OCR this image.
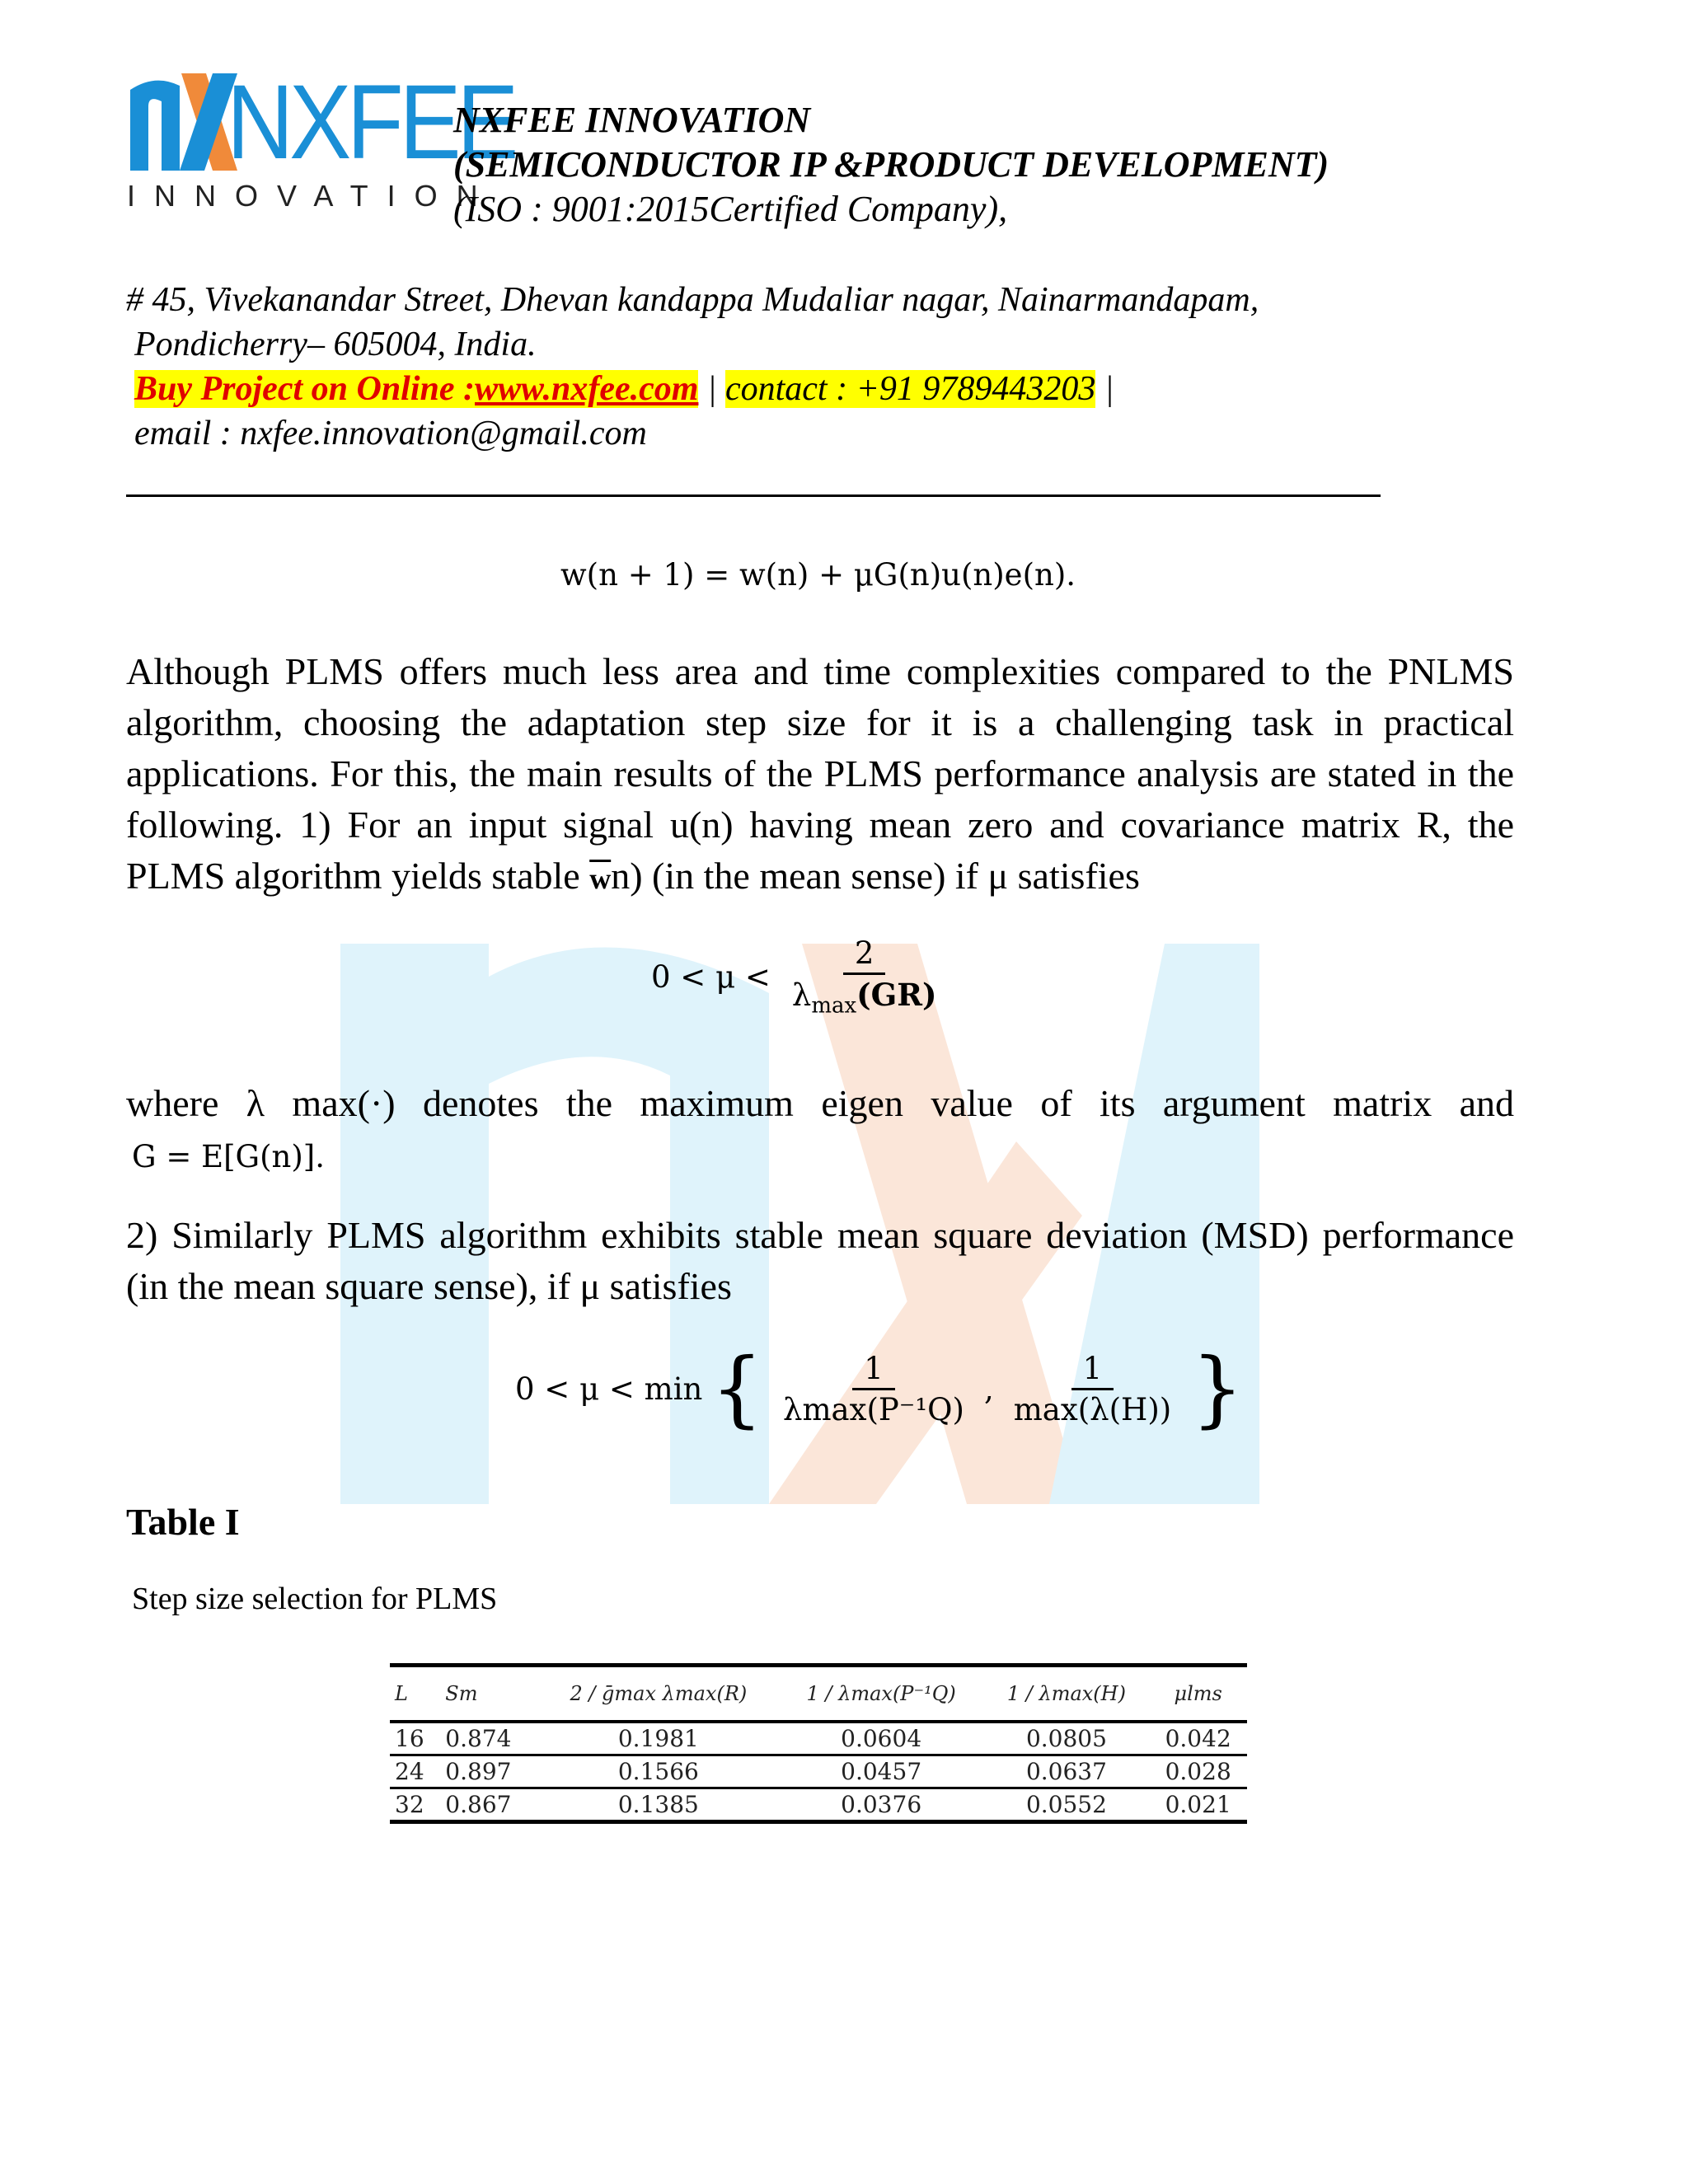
NXFEE
INNOVATION
NXFEE INNOVATION
(SEMICONDUCTOR IP &PRODUCT DEVELOPMENT)
(ISO : 9001:2015Certified Company),
# 45, Vivekanandar Street, Dhevan kandappa Mudaliar nagar, Nainarmandapam,
Pondicherry– 605004, India.
Buy Project on Online :www.nxfee.com | contact : +91 9789443203 |
email : nxfee.innovation@gmail.com
w(n + 1) = w(n) + μG(n)u(n)e(n).
Although PLMS offers much less area and time complexities compared to the PNLMS
algorithm, choosing the adaptation step size for it is a challenging task in practical
applications. For this, the main results of the PLMS performance analysis are stated in the
following. 1) For an input signal u(n) having mean zero and covariance matrix R, the
PLMS algorithm yields stable $\overline{w}n$) (in the mean sense) if μ satisfies
$0 < \mu < \frac{2}{\lambda_{max}(GR)}$
where λ max(·) denotes the maximum eigen value of its argument matrix and
G = E[G(n)].
2) Similarly PLMS algorithm exhibits stable mean square deviation (MSD) performance
(in the mean square sense), if μ satisfies
0 < μ < min { $\frac{1}{\text{λmax(P⁻¹Q)}}$ , $\frac{1}{\max(\lambda(H))}$ }
Table I
Step size selection for PLMS
L	Sm	2 / ḡmax λmax(R)	1 / λmax(P⁻¹Q)	1 / λmax(H)	μlms
16	0.874	0.1981	0.0604	0.0805	0.042
24	0.897	0.1566	0.0457	0.0637	0.028
32	0.867	0.1385	0.0376	0.0552	0.021
